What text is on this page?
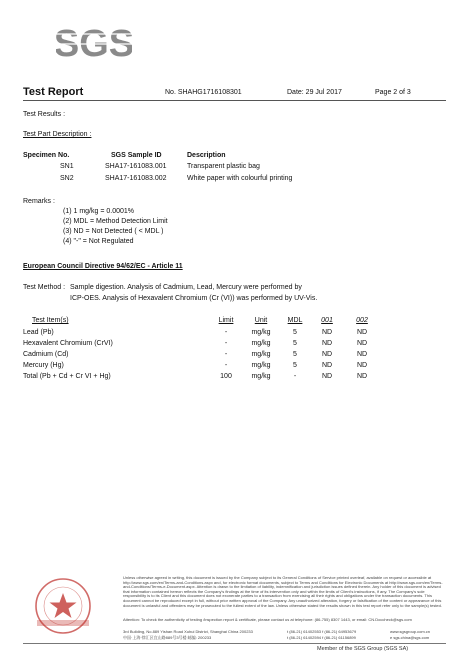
SGS
Test Report	No. SHAHG1716108301	Date: 29 Jul 2017	Page 2 of 3
Test Results :
Test Part Description :
Specimen No.	SGS Sample ID	Description
SN1	SHA17-161083.001	Transparent plastic bag
SN2	SHA17-161083.002	White paper with colourful printing
Remarks :
(1) 1 mg/kg = 0.0001%
(2) MDL = Method Detection Limit
(3) ND = Not Detected ( < MDL )
(4) "-" = Not Regulated
European Council Directive 94/62/EC - Article 11
Test Method : Sample digestion. Analysis of Cadmium, Lead, Mercury were performed by
ICP-OES. Analysis of Hexavalent Chromium (Cr (VI)) was performed by UV-Vis.
Test Item(s)	Limit	Unit	MDL	001	002
Lead (Pb)	-	mg/kg	5	ND	ND
Hexavalent Chromium (CrVI)	-	mg/kg	5	ND	ND
Cadmium (Cd)	-	mg/kg	5	ND	ND
Mercury (Hg)	-	mg/kg	5	ND	ND
Total (Pb + Cd + Cr VI + Hg)	100	mg/kg	-	ND	ND
Unless otherwise agreed in writing, this document is issued by the Company subject to its General Conditions of Service printed overleaf, available on request or accessible at http://www.sgs.com/en/Terms-and-Conditions.aspx and, for electronic format documents, subject to Terms and Conditions for Electronic Documents at http://www.sgs.com/en/Terms-and-Conditions/Terms-e-Document.aspx. Attention is drawn to the limitation of liability, indemnification and jurisdiction issues defined therein. Any holder of this document is advised that information contained hereon reflects the Company's findings at the time of its intervention only and within the limits of Client's instructions, if any. The Company's sole responsibility is to its Client and this document does not exonerate parties to a transaction from exercising all their rights and obligations under the transaction documents. This document cannot be reproduced except in full, without prior written approval of the Company. Any unauthorized alteration, forgery or falsification of the content or appearance of this document is unlawful and offenders may be prosecuted to the fullest extent of the law. Unless otherwise stated the results shown in this test report refer only to the sample(s) tested.
Attention: To check the authenticity of testing /inspection report & certificate, please contact us at telephone: (86-755) 8307 1443, or email: CN.Doccheck@sgs.com
3rd Building, No.889 Yishan Road Xuhui District, Shanghai China 200233
中国·上海·徐汇区宜山路889号3号楼 邮编: 200233
t (86-21) 61402553 f (86-21) 64953679
t (86-21) 61402594 f (86-21) 61156899
www.sgsgroup.com.cn
e sgs.china@sgs.com
Member of the SGS Group (SGS SA)
